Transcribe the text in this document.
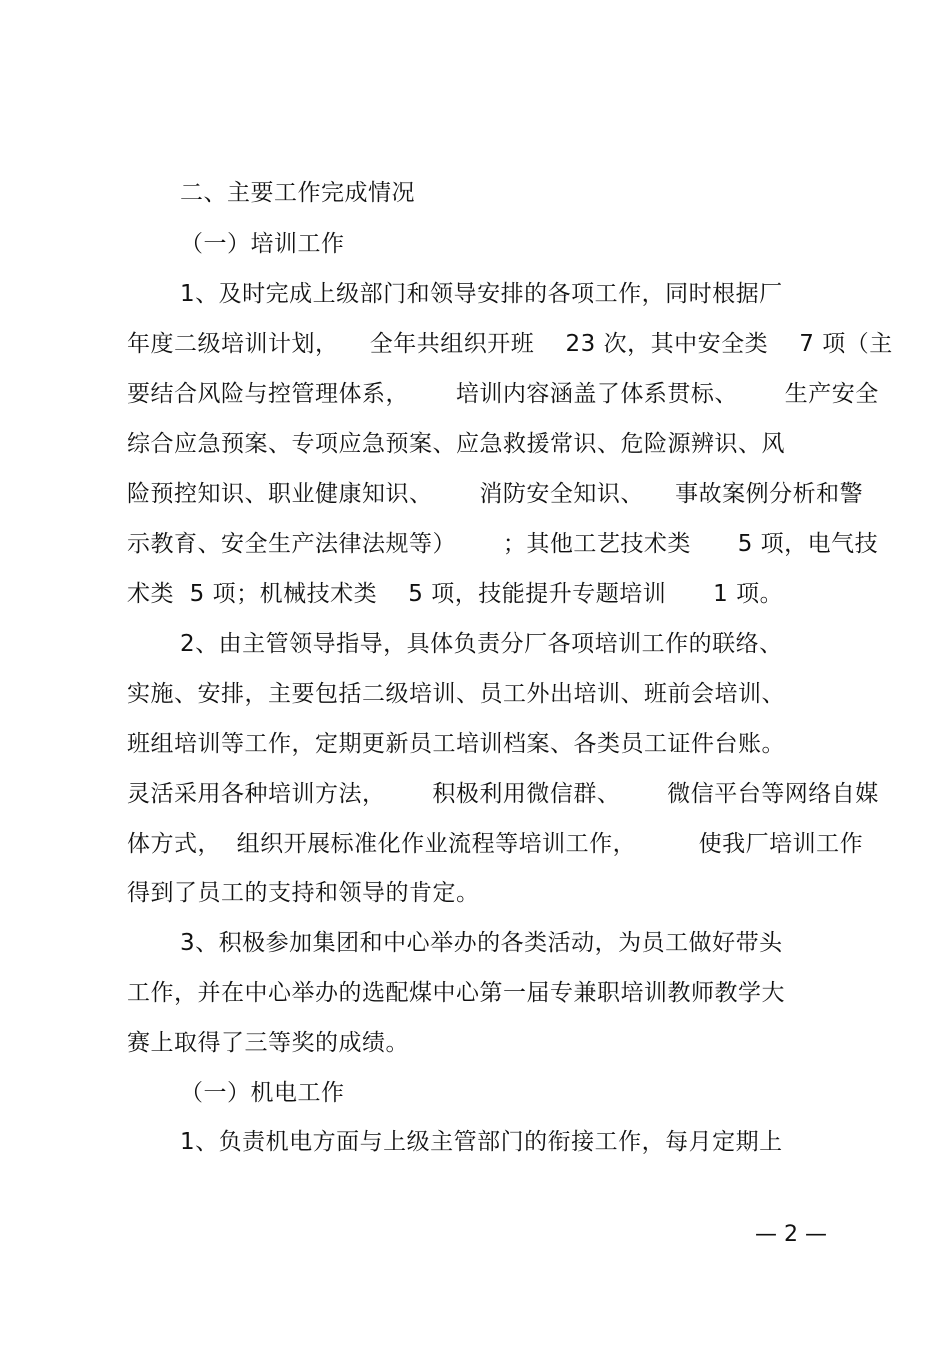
二、主要工作完成情况
（一）培训工作
1、及时完成上级部门和领导安排的各项工作，同时根据厂
年度二级培训计划，    全年共组织开班    23 次，其中安全类    7 项（主
要结合风险与控管理体系，      培训内容涵盖了体系贯标、      生产安全
综合应急预案、专项应急预案、应急救援常识、危险源辨识、风
险预控知识、职业健康知识、      消防安全知识、    事故案例分析和警
示教育、安全生产法律法规等）      ；其他工艺技术类      5 项，电气技
术类  5 项；机械技术类    5 项，技能提升专题培训      1 项。
2、由主管领导指导，具体负责分厂各项培训工作的联络、
实施、安排，主要包括二级培训、员工外出培训、班前会培训、
班组培训等工作，定期更新员工培训档案、各类员工证件台账。
灵活采用各种培训方法，      积极利用微信群、      微信平台等网络自媒
体方式，  组织开展标准化作业流程等培训工作，        使我厂培训工作
得到了员工的支持和领导的肯定。
3、积极参加集团和中心举办的各类活动，为员工做好带头
工作，并在中心举办的选配煤中心第一届专兼职培训教师教学大
赛上取得了三等奖的成绩。
（一）机电工作
1、负责机电方面与上级主管部门的衔接工作，每月定期上
— 2 —
